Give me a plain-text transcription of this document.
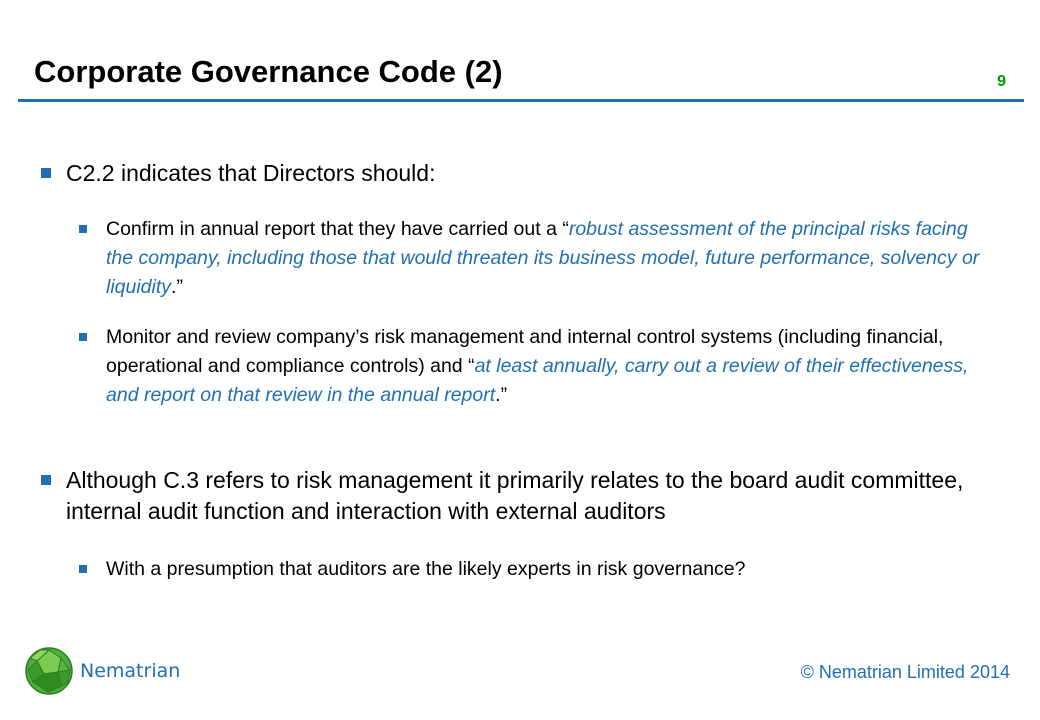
Corporate Governance Code (2)	9
C2.2 indicates that Directors should:
Confirm in annual report that they have carried out a “robust assessment of the principal risks facing the company, including those that would threaten its business model, future performance, solvency or liquidity.”
Monitor and review company’s risk management and internal control systems (including financial, operational and compliance controls) and “at least annually, carry out a review of their effectiveness, and report on that review in the annual report.”
Although C.3 refers to risk management it primarily relates to the board audit committee, internal audit function and interaction with external auditors
With a presumption that auditors are the likely experts in risk governance?
Nematrian	© Nematrian Limited 2014
